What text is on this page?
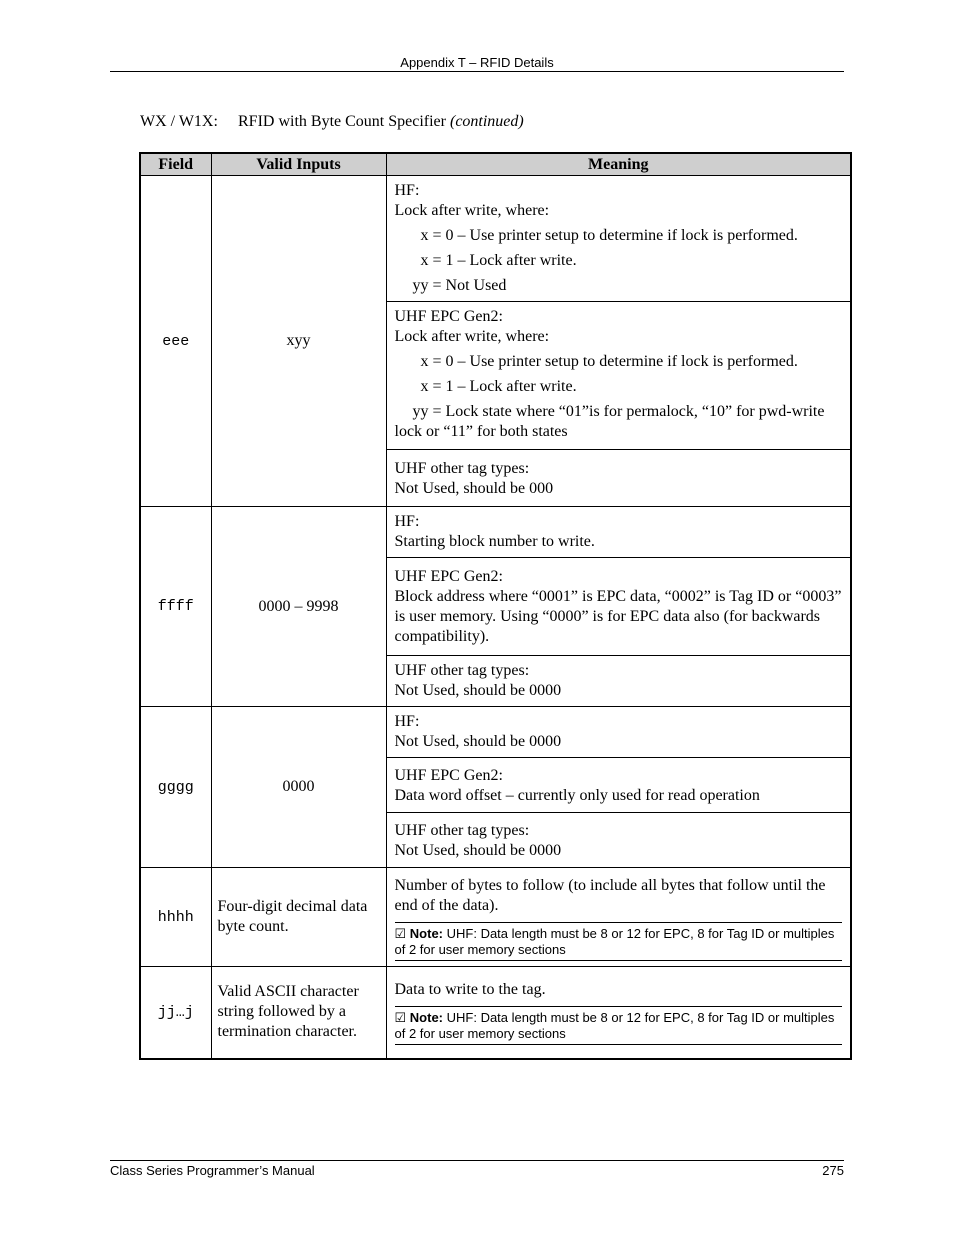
Appendix T – RFID Details
WX / W1X: RFID with Byte Count Specifier (continued)
Field	Valid Inputs	Meaning
eee	xyy	HF:
Lock after write, where:
x = 0 – Use printer setup to determine if lock is performed.
x = 1 – Lock after write.
yy = Not Used

		UHF EPC Gen2:
Lock after write, where:
x = 0 – Use printer setup to determine if lock is performed.
x = 1 – Lock after write.
yy = Lock state where “01”is for permalock, “10” for pwd-write lock or “11” for both states

		UHF other tag types:
Not Used, should be 000

ffff	0000 – 9998	HF:
Starting block number to write.

		UHF EPC Gen2:
Block address where “0001” is EPC data, “0002” is Tag ID or “0003” is user memory. Using “0000” is for EPC data also (for backwards compatibility).

		UHF other tag types:
Not Used, should be 0000

gggg	0000	HF:
Not Used, should be 0000

		UHF EPC Gen2:
Data word offset – currently only used for read operation

		UHF other tag types:
Not Used, should be 0000

hhhh	Four-digit decimal data byte count.	Number of bytes to follow (to include all bytes that follow until the end of the data).
☑ Note: UHF: Data length must be 8 or 12 for EPC, 8 for Tag ID or multiples of 2 for user memory sections

jj…j	Valid ASCII character string followed by a termination character.	Data to write to the tag.
☑ Note: UHF: Data length must be 8 or 12 for EPC, 8 for Tag ID or multiples of 2 for user memory sections
Class Series Programmer’s Manual	275
